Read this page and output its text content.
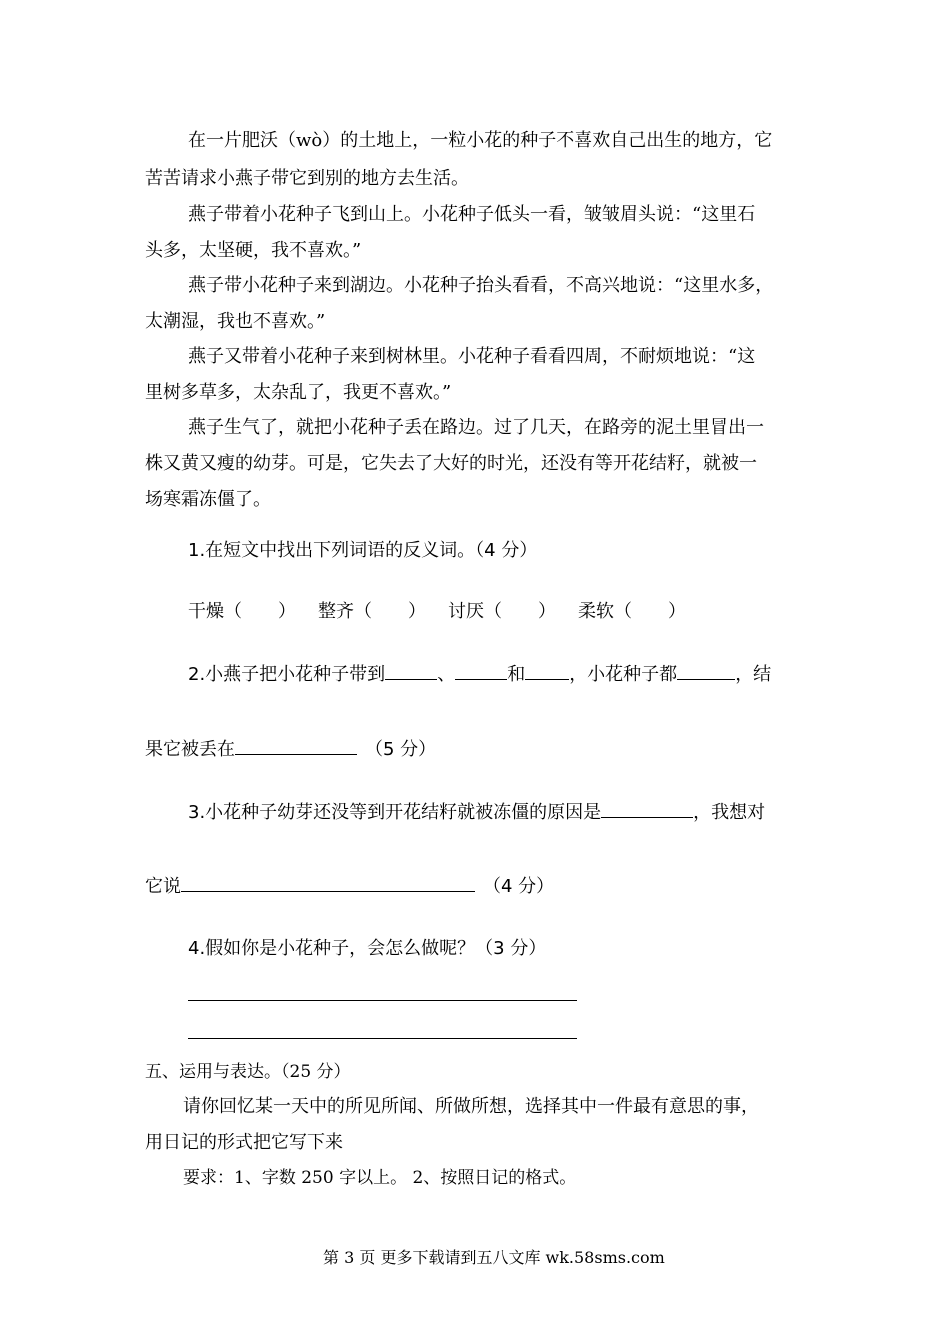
在一片肥沃（wò）的土地上，一粒小花的种子不喜欢自己出生的地方，它
苦苦请求小燕子带它到别的地方去生活。
燕子带着小花种子飞到山上。小花种子低头一看，皱皱眉头说：“这里石
头多，太坚硬，我不喜欢。”
燕子带小花种子来到湖边。小花种子抬头看看，不高兴地说：“这里水多，
太潮湿，我也不喜欢。”
燕子又带着小花种子来到树林里。小花种子看看四周，不耐烦地说：“这
里树多草多，太杂乱了，我更不喜欢。”
燕子生气了，就把小花种子丢在路边。过了几天，在路旁的泥土里冒出一
株又黄又瘦的幼芽。可是，它失去了大好的时光，还没有等开花结籽，就被一
场寒霜冻僵了。
1.在短文中找出下列词语的反义词。（4 分）
干燥（　　） 整齐（　　） 讨厌（　　） 柔软（　　）
2.小燕子把小花种子带到	、	和 ，小花种子都	，结
果它被丢在	（5 分）
3.小花种子幼芽还没等到开花结籽就被冻僵的原因是	，我想对
它说	（4 分）
4.假如你是小花种子，会怎么做呢？（3 分）
五、运用与表达。（25 分）
请你回忆某一天中的所见所闻、所做所想，选择其中一件最有意思的事，
用日记的形式把它写下来
要求：1、字数 250 字以上。 2、按照日记的格式。
第 3 页 更多下载请到五八文库 wk.58sms.com
